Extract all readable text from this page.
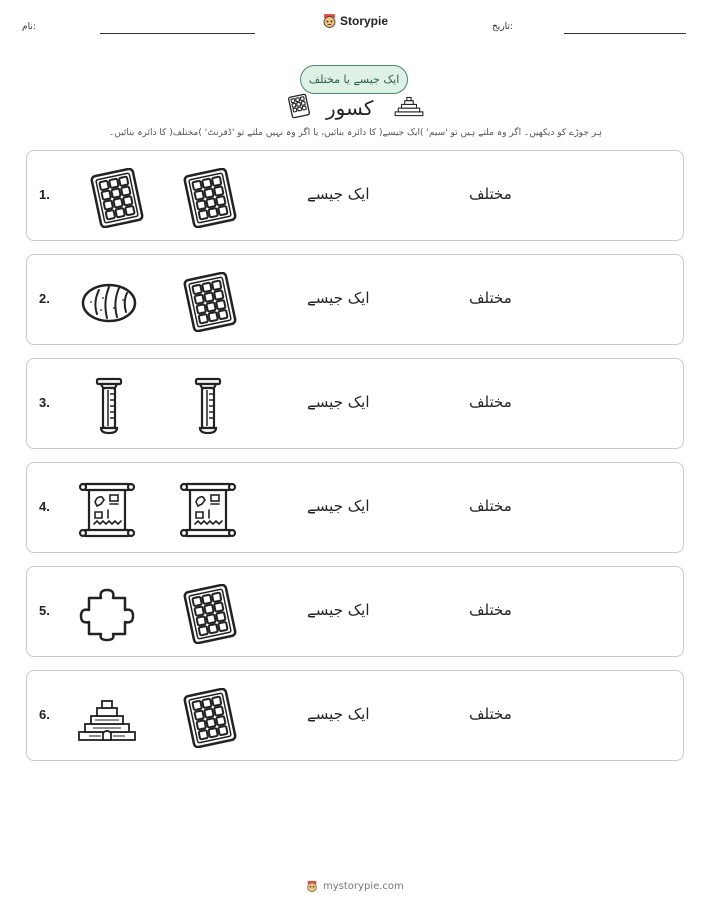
نام:	Storypie	تاریخ:
ایک جیسے یا مختلف
کسور
ہر جوڑے کو دیکھیں۔ اگر وہ ملتے ہیں تو 'سیم' )ایک جیسے( کا دائرہ بنائیں، یا اگر وہ نہیں ملتے تو 'ڈفرنٹ' )مختلف( کا دائرہ بنائیں۔
1.	ایک جیسے	مختلف
2.	ایک جیسے	مختلف
3.	ایک جیسے	مختلف
4.	ایک جیسے	مختلف
5.	ایک جیسے	مختلف
6.	ایک جیسے	مختلف
mystorypie.com
